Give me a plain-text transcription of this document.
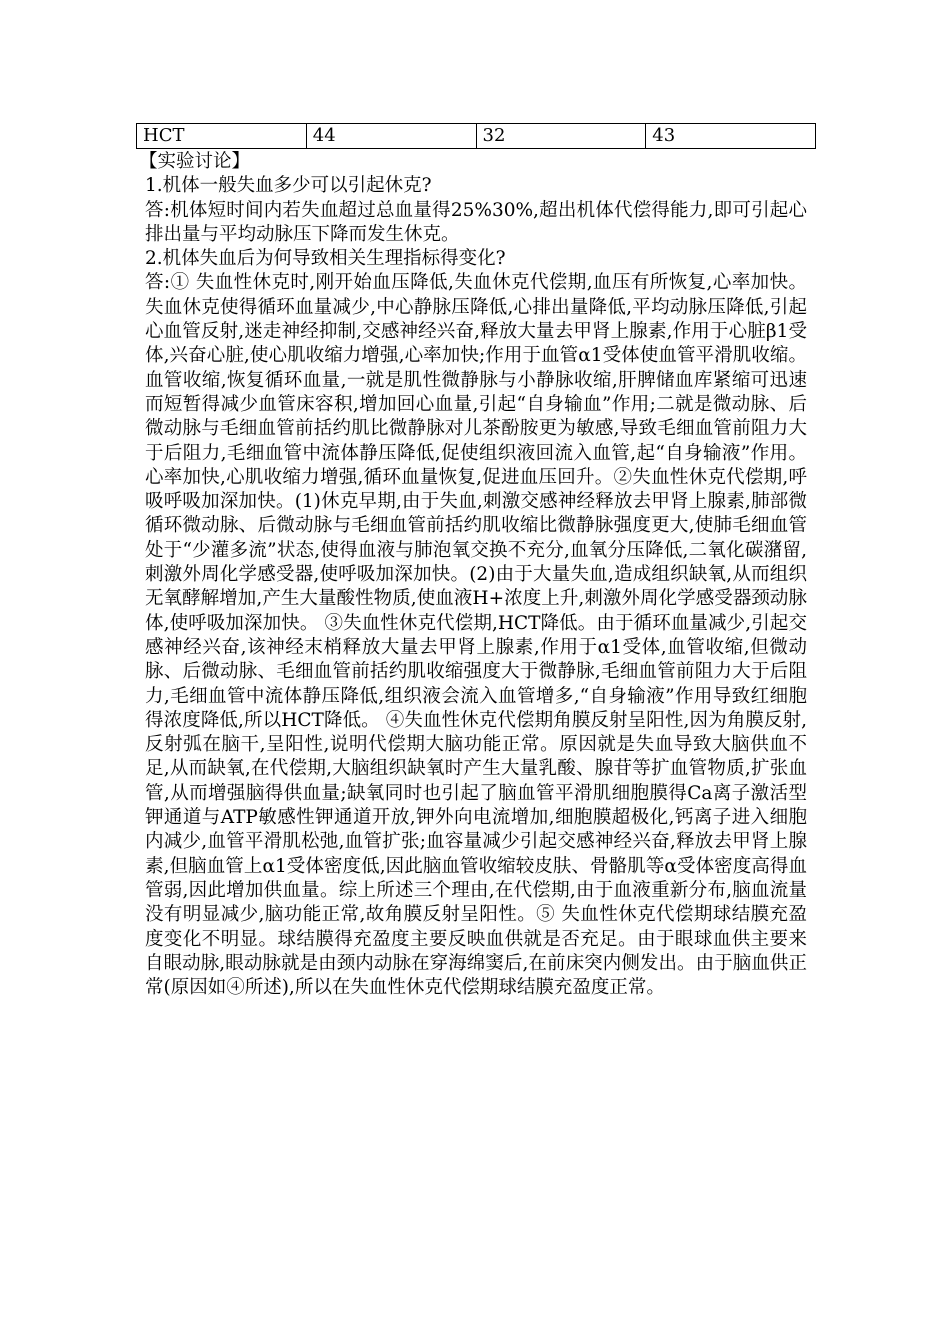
HCT	44	32	43

【实验讨论】

1.机体一般失血多少可以引起休克?

答:机体短时间内若失血超过总血量得25%30%,超出机体代偿得能力,即可引起心排出量与平均动脉压下降而发生休克。

2.机体失血后为何导致相关生理指标得变化?

答:① 失血性休克时,刚开始血压降低,失血休克代偿期,血压有所恢复,心率加快。失血休克使得循环血量减少,中心静脉压降低,心排出量降低,平均动脉压降低,引起心血管反射,迷走神经抑制,交感神经兴奋,释放大量去甲肾上腺素,作用于心脏β1受体,兴奋心脏,使心肌收缩力增强,心率加快;作用于血管α1受体使血管平滑肌收缩。血管收缩,恢复循环血量,一就是肌性微静脉与小静脉收缩,肝脾储血库紧缩可迅速而短暂得减少血管床容积,增加回心血量,引起“自身输血”作用;二就是微动脉、后微动脉与毛细血管前括约肌比微静脉对儿茶酚胺更为敏感,导致毛细血管前阻力大于后阻力,毛细血管中流体静压降低,促使组织液回流入血管,起“自身输液”作用。心率加快,心肌收缩力增强,循环血量恢复,促进血压回升。②失血性休克代偿期,呼吸呼吸加深加快。(1)休克早期,由于失血,刺激交感神经释放去甲肾上腺素,肺部微循环微动脉、后微动脉与毛细血管前括约肌收缩比微静脉强度更大,使肺毛细血管处于“少灌多流”状态,使得血液与肺泡氧交换不充分,血氧分压降低,二氧化碳潴留,刺激外周化学感受器,使呼吸加深加快。(2)由于大量失血,造成组织缺氧,从而组织无氧酵解增加,产生大量酸性物质,使血液H+浓度上升,刺激外周化学感受器颈动脉体,使呼吸加深加快。 ③失血性休克代偿期,HCT降低。由于循环血量减少,引起交感神经兴奋,该神经末梢释放大量去甲肾上腺素,作用于α1受体,血管收缩,但微动脉、后微动脉、毛细血管前括约肌收缩强度大于微静脉,毛细血管前阻力大于后阻力,毛细血管中流体静压降低,组织液会流入血管增多,“自身输液”作用导致红细胞得浓度降低,所以HCT降低。 ④失血性休克代偿期角膜反射呈阳性,因为角膜反射,反射弧在脑干,呈阳性,说明代偿期大脑功能正常。原因就是失血导致大脑供血不足,从而缺氧,在代偿期,大脑组织缺氧时产生大量乳酸、腺苷等扩血管物质,扩张血管,从而增强脑得供血量;缺氧同时也引起了脑血管平滑肌细胞膜得Ca离子激活型钾通道与ATP敏感性钾通道开放,钾外向电流增加,细胞膜超极化,钙离子进入细胞内减少,血管平滑肌松弛,血管扩张;血容量减少引起交感神经兴奋,释放去甲肾上腺素,但脑血管上α1受体密度低,因此脑血管收缩较皮肤、骨骼肌等α受体密度高得血管弱,因此增加供血量。综上所述三个理由,在代偿期,由于血液重新分布,脑血流量没有明显减少,脑功能正常,故角膜反射呈阳性。⑤ 失血性休克代偿期球结膜充盈度变化不明显。球结膜得充盈度主要反映血供就是否充足。由于眼球血供主要来自眼动脉,眼动脉就是由颈内动脉在穿海绵窦后,在前床突内侧发出。由于脑血供正常(原因如④所述),所以在失血性休克代偿期球结膜充盈度正常。
